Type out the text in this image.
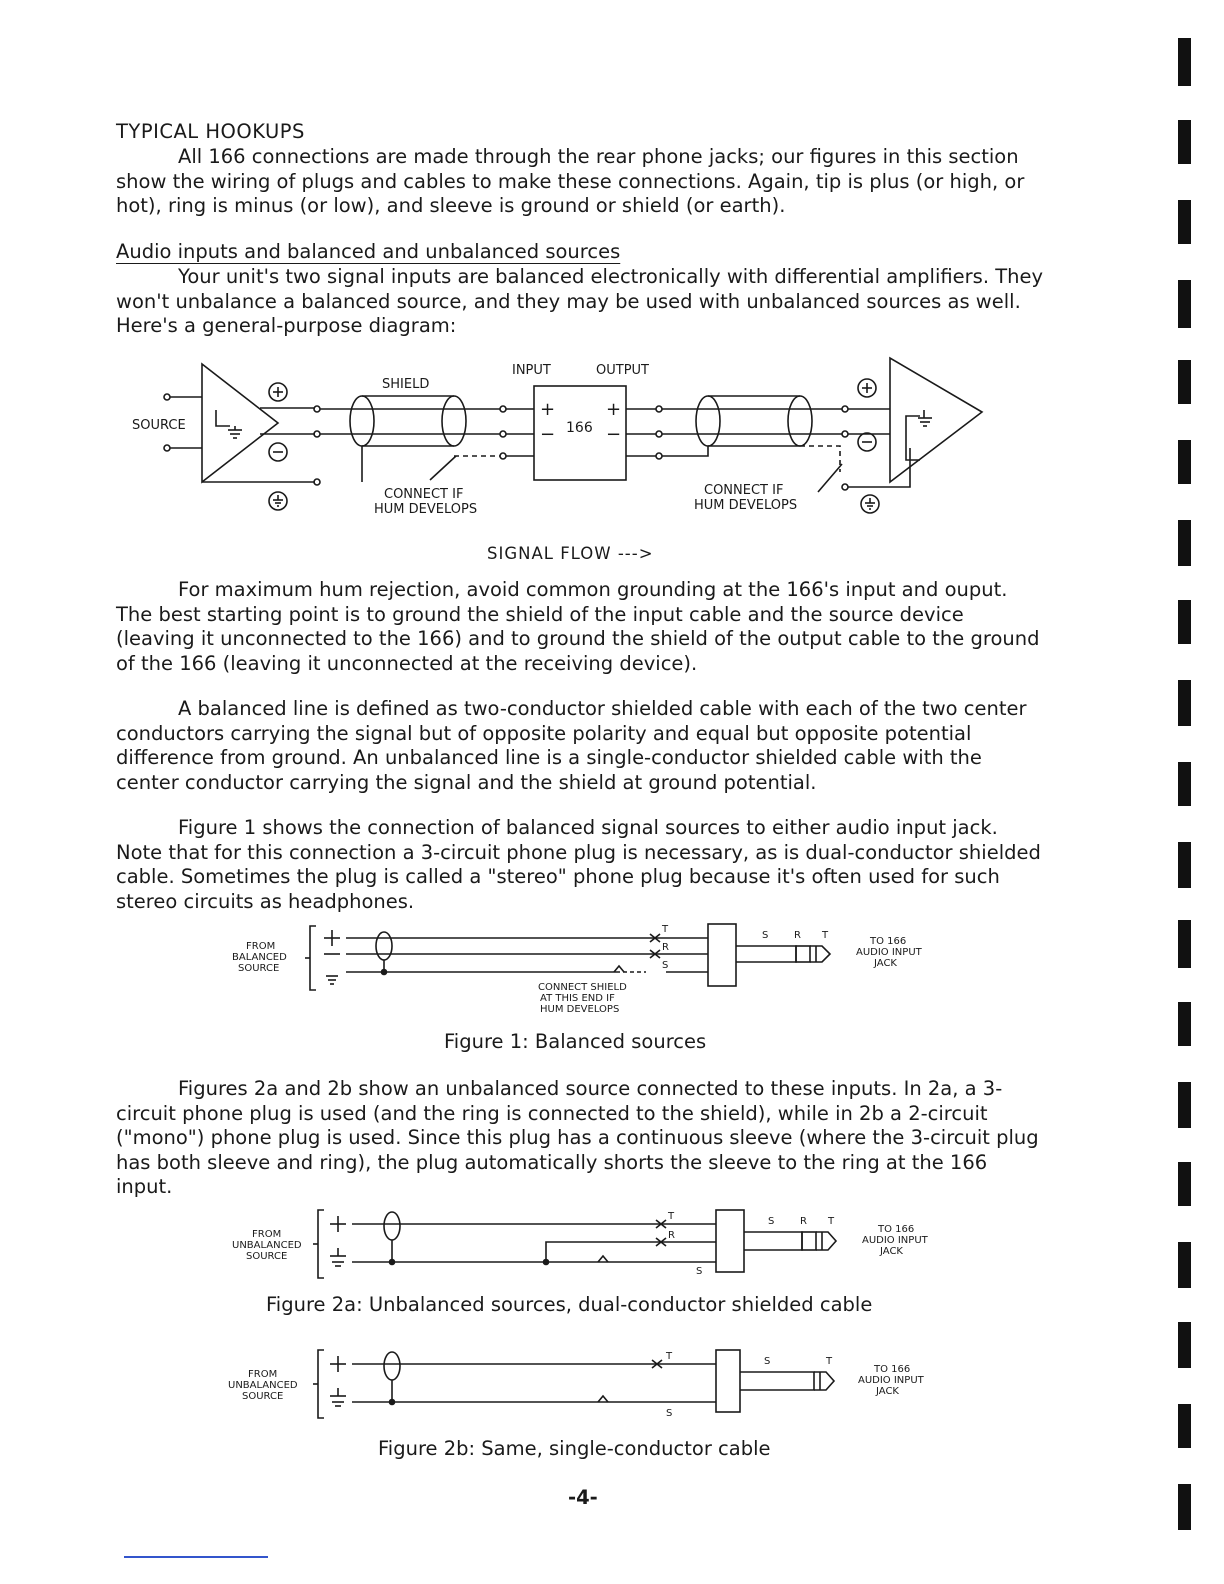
TYPICAL HOOKUPS

All 166 connections are made through the rear phone jacks; our figures in this section show the wiring of plugs and cables to make these connections. Again, tip is plus (or high, or hot), ring is minus (or low), and sleeve is ground or shield (or earth).

Audio inputs and balanced and unbalanced sources

Your unit's two signal inputs are balanced electronically with differential amplifiers. They won't unbalance a balanced source, and they may be used with unbalanced sources as well. Here's a general-purpose diagram:

SOURCE
SHIELD
INPUT	OUTPUT
166
+
−
+
−
CONNECT IF
HUM DEVELOPS
CONNECT IF
HUM DEVELOPS
SIGNAL FLOW --->

For maximum hum rejection, avoid common grounding at the 166's input and ouput. The best starting point is to ground the shield of the input cable and the source device (leaving it unconnected to the 166) and to ground the shield of the output cable to the ground of the 166 (leaving it unconnected at the receiving device).

A balanced line is defined as two-conductor shielded cable with each of the two center conductors carrying the signal but of opposite polarity and equal but opposite potential difference from ground. An unbalanced line is a single-conductor shielded cable with the center conductor carrying the signal and the shield at ground potential.

Figure 1 shows the connection of balanced signal sources to either audio input jack. Note that for this connection a 3-circuit phone plug is necessary, as is dual-conductor shielded cable. Sometimes the plug is called a "stereo" phone plug because it's often used for such stereo circuits as headphones.

FROM
BALANCED
SOURCE
T
R
S
S	R T
TO 166
AUDIO INPUT
JACK
CONNECT SHIELD
AT THIS END IF
HUM DEVELOPS
Figure 1: Balanced sources

Figures 2a and 2b show an unbalanced source connected to these inputs. In 2a, a 3-circuit phone plug is used (and the ring is connected to the shield), while in 2b a 2-circuit ("mono") phone plug is used. Since this plug has a continuous sleeve (where the 3-circuit plug has both sleeve and ring), the plug automatically shorts the sleeve to the ring at the 166 input.

FROM
UNBALANCED
SOURCE
T
R
S
S	R T
TO 166
AUDIO INPUT
JACK
Figure 2a: Unbalanced sources, dual-conductor shielded cable
FROM
UNBALANCED
SOURCE
T
S
S	T
TO 166
AUDIO INPUT
JACK
Figure 2b: Same, single-conductor cable
-4-
